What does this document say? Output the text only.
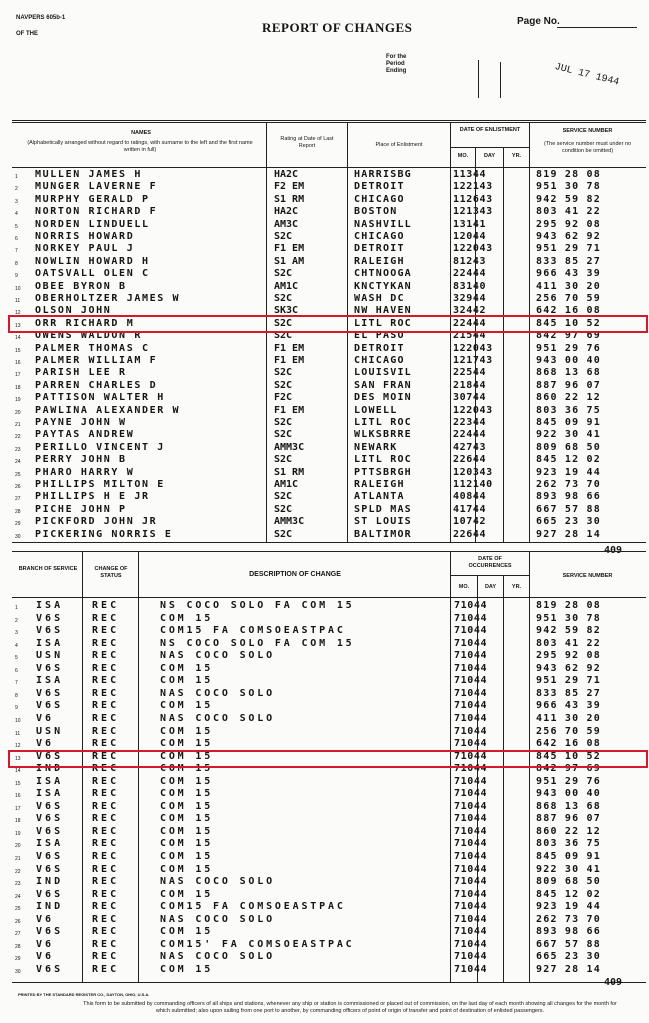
NAVPERS 605b-1
OF THE	REPORT OF CHANGES	Page No.
For the Period Ending	JUL 17 1944
NAMES
(Alphabetically arranged without regard to ratings, with surname to the left and the first name written in full)
Rating at Date of Last Report	Place of Enlistment
DATE OF ENLISTMENT
MO.	DAY	YR.
SERVICE NUMBER
(The service number must under no condition be omitted)
1 M U L L E N   J A M E S   H	HA2C	H A R R I S B G	11344	819 28 08
2 M U N G E R   L A V E R N E   F	F2 EM	D E T R O I T	122143	951 30 78
3 M U R P H Y   G E R A L D   P	S1 RM	C H I C A G O	112643	942 59 82
4 N O R T O N   R I C H A R D   F	HA2C	B O S T O N	121343	803 41 22
5 N O R D E N   L I N D U E L L	AM3C	N A S H V I L L	13141	295 92 08
6 N O R R I S   H O W A R D	S2C	C H I C A G O	12044	943 62 92
7 N O R K E Y   P A U L   J	F1 EM	D E T R O I T	122043	951 29 71
8 N O W L I N   H O W A R D   H	S1 AM	R A L E I G H	81243	833 85 27
9 O A T S V A L L   O L E N   C	S2C	C H T N O O G A	22444	966 43 39
10 O B E E   B Y R O N   B	AM1C	K N C T Y K A N	83140	411 30 20
11 O B E R H O L T Z E R   J A M E S   W	S2C	W A S H   D C	32944	256 70 59
12 O L S O N   J O H N	SK3C	N W   H A V E N	32442	642 16 08
13 O R R   R I C H A R D   M	S2C	L I T L   R O C	22444	845 10 52
14 O W E N S   W A L D O N   R	S2C	E L   P A S O	21544	842 97 69
15 P A L M E R   T H O M A S   C	F1 EM	D E T R O I T	122043	951 29 76
16 P A L M E R   W I L L I A M   F	F1 EM	C H I C A G O	121743	943 00 40
17 P A R I S H   L E E   R	S2C	L O U I S V I L	22544	868 13 68
18 P A R R E N   C H A R L E S   D	S2C	S A N   F R A N	21844	887 96 07
19 P A T T I S O N   W A L T E R   H	F2C	D E S   M O I N	30744	860 22 12
20 P A W L I N A   A L E X A N D E R   W	F1 EM	L O W E L L	122043	803 36 75
21 P A Y N E   J O H N   W	S2C	L I T L   R O C	22344	845 09 91
22 P A Y T A S   A N D R E W	S2C	W L K S B R R E	22444	922 30 41
23 P E R I L L O   V I N C E N T   J	AMM3C	N E W A R K	42743	809 68 50
24 P E R R Y   J O H N   B	S2C	L I T L   R O C	22644	845 12 02
25 P H A R O   H A R R Y   W	S1 RM	P T T S B R G H	120343	923 19 44
26 P H I L L I P S   M I L T O N   E	AM1C	R A L E I G H	112140	262 73 70
27 P H I L L I P S   H   E   J R	S2C	A T L A N T A	40844	893 98 66
28 P I C H E   J O H N   P	S2C	S P L D   M A S	41744	667 57 88
29 P I C K F O R D   J O H N   J R	AMM3C	S T   L O U I S	10742	665 23 30
30 P I C K E R I N G   N O R R I S   E	S2C	B A L T I M O R	22644	927 28 14
BRANCH OF SERVICE	CHANGE OF STATUS	DESCRIPTION OF CHANGE
DATE OF OCCURRENCES
MO.	DAY	YR.
SERVICE NUMBER
1 I S A	R E C	N S   C O C O   S O L O   F A   C O M   1 5	71044	819 28 08
2 V 6 S	R E C	C O M   1 5	71044	951 30 78
3 V 6 S	R E C	C O M 1 5   F A   C O M S O E A S T P A C	71044	942 59 82
4 I S A	R E C	N S   C O C O   S O L O   F A   C O M   1 5	71044	803 41 22
5 U S N	R E C	N A S   C O C O   S O L O	71044	295 92 08
6 V 6 S	R E C	C O M   1 5	71044	943 62 92
7 I S A	R E C	C O M   1 5	71044	951 29 71
8 V 6 S	R E C	N A S   C O C O   S O L O	71044	833 85 27
9 V 6 S	R E C	C O M   1 5	71044	966 43 39
10 V 6	R E C	N A S   C O C O   S O L O	71044	411 30 20
11 U S N	R E C	C O M   1 5	71044	256 70 59
12 V 6	R E C	C O M   1 5	71044	642 16 08
13 V 6 S	R E C	C O M   1 5	71044	845 10 52
14 I N D	R E C	C O M   1 5	71044	842 97 69
15 I S A	R E C	C O M   1 5	71044	951 29 76
16 I S A	R E C	C O M   1 5	71044	943 00 40
17 V 6 S	R E C	C O M   1 5	71044	868 13 68
18 V 6 S	R E C	C O M   1 5	71044	887 96 07
19 V 6 S	R E C	C O M   1 5	71044	860 22 12
20 I S A	R E C	C O M   1 5	71044	803 36 75
21 V 6 S	R E C	C O M   1 5	71044	845 09 91
22 V 6 S	R E C	C O M   1 5	71044	922 30 41
23 I N D	R E C	N A S   C O C O   S O L O	71044	809 68 50
24 V 6 S	R E C	C O M   1 5	71044	845 12 02
25 I N D	R E C	C O M 1 5   F A   C O M S O E A S T P A C	71044	923 19 44
26 V 6	R E C	N A S   C O C O   S O L O	71044	262 73 70
27 V 6 S	R E C	C O M   1 5	71044	893 98 66
28 V 6	R E C	C O M 1 5 '   F A   C O M S O E A S T P A C	71044	667 57 88
29 V 6	R E C	N A S   C O C O   S O L O	71044	665 23 30
30 V 6 S	R E C	C O M   1 5	71044	927 28 14
409
PRINTED BY THE STANDARD REGISTER CO., DAYTON, OHIO, U.S.A.
This form to be submitted by commanding officers of all ships and stations, whenever any ship or station is commissioned or placed out of commission, on the last day of each month showing all changes for the month for which submitted; also upon sailing from one port to another, by commanding officers of point of origin of transfer and point of destination of enlisted passengers.
